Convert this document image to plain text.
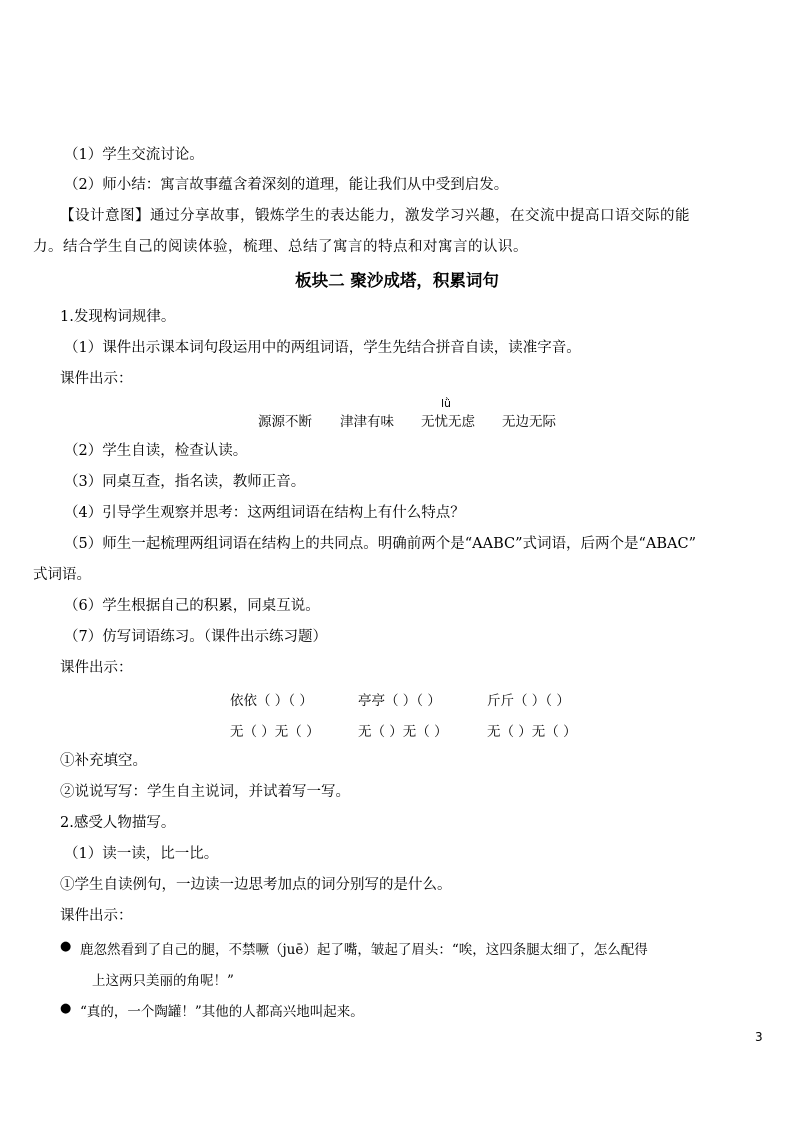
（1）学生交流讨论。
（2）师小结：寓言故事蕴含着深刻的道理，能让我们从中受到启发。
【设计意图】通过分享故事，锻炼学生的表达能力，激发学习兴趣，在交流中提高口语交际的能
力。结合学生自己的阅读体验，梳理、总结了寓言的特点和对寓言的认识。
板块二 聚沙成塔，积累词句
1.发现构词规律。
（1）课件出示课本词句段运用中的两组词语，学生先结合拼音自读，读准字音。
课件出示：
lǜ
源源不断 津津有味 无忧无虑 无边无际
（2）学生自读，检查认读。
（3）同桌互查，指名读，教师正音。
（4）引导学生观察并思考：这两组词语在结构上有什么特点？
（5）师生一起梳理两组词语在结构上的共同点。明确前两个是“AABC”式词语，后两个是“ABAC”
式词语。
（6）学生根据自己的积累，同桌互说。
（7）仿写词语练习。（课件出示练习题）
课件出示：
依依（ ）（ ）	亭亭（ ）（ ）	斤斤（ ）（ ）
无（ ）无（ ）	无（ ）无（ ）	无（ ）无（ ）
①补充填空。
②说说写写：学生自主说词，并试着写一写。
2.感受人物描写。
（1）读一读，比一比。
①学生自读例句，一边读一边思考加点的词分别写的是什么。
课件出示：
● 鹿忽然看到了自己的腿，不禁噘（juē）起了嘴，皱起了眉头：“唉，这四条腿太细了，怎么配得
上这两只美丽的角呢！”
● “真的，一个陶罐！”其他的人都高兴地叫起来。
3
